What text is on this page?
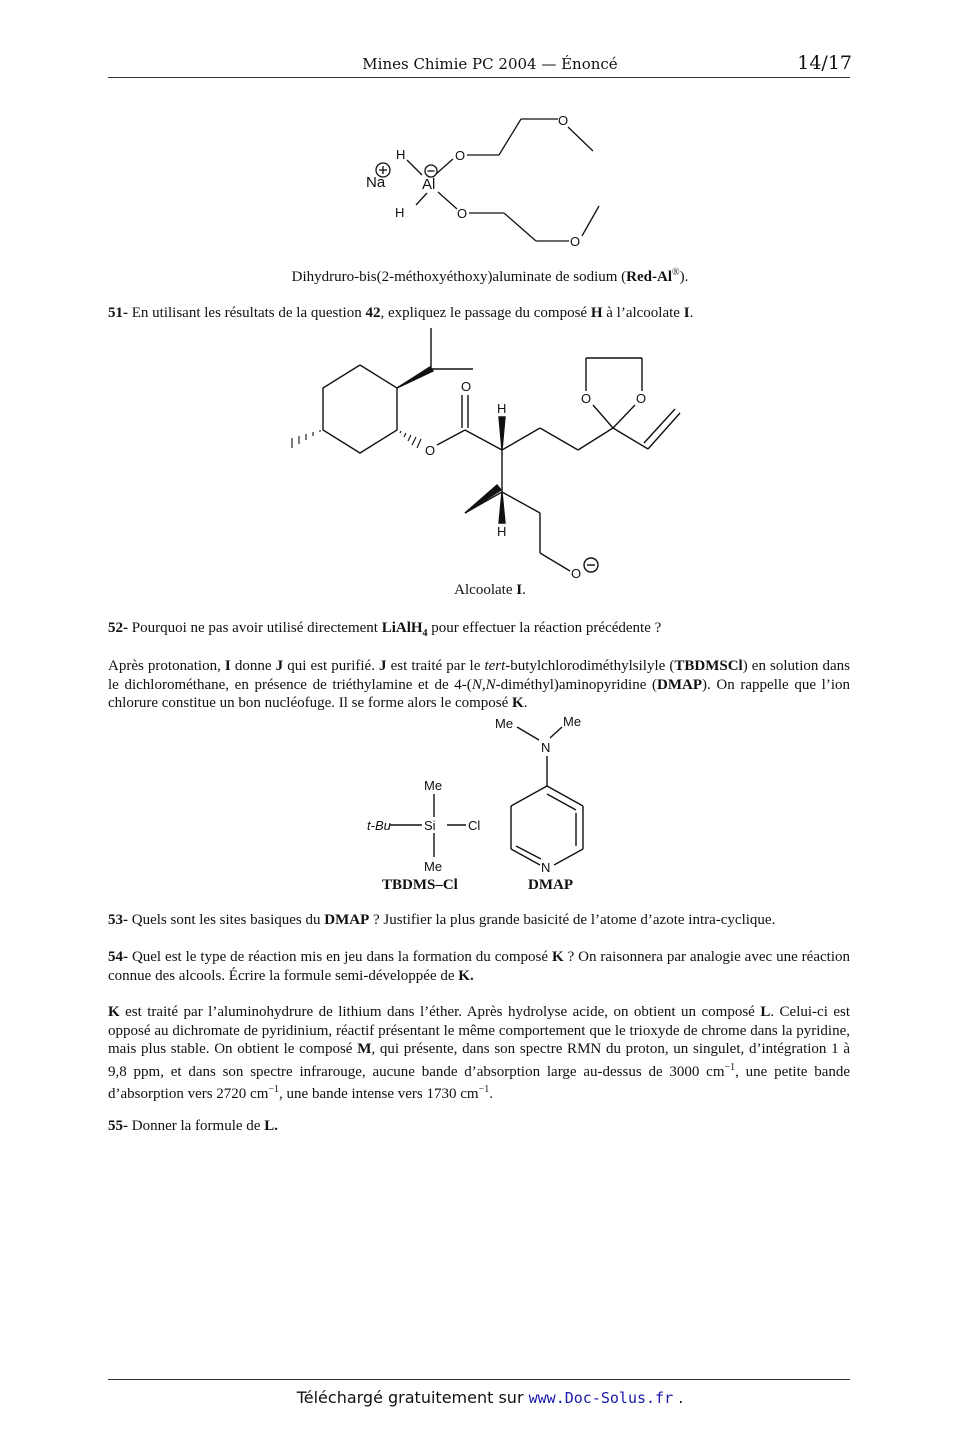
Mines Chimie PC 2004 — Énoncé	14/17
Na Al
H
H
O
O
O
O
Dihydruro-bis(2-méthoxyéthoxy)aluminate de sodium (Red-Al®).
51- En utilisant les résultats de la question 42, expliquez le passage du composé H à l’alcoolate I.
O
O
H
H
O	O
O
Alcoolate I.
52- Pourquoi ne pas avoir utilisé directement LiAlH$_4$ pour effectuer la réaction précédente ?
Après protonation, I donne J qui est purifié. J est traité par le tert-butylchlorodiméthylsilyle (TBDMSCl) en solution dans le dichlorométhane, en présence de triéthylamine et de 4-(N,N-diméthyl)aminopyridine (DMAP). On rappelle que l’ion chlorure constitue un bon nucléofuge. Il se forme alors le composé K.
Me
Si
t-Bu	Cl
Me
TBDMS–Cl
Me	Me
N
N
DMAP
53- Quels sont les sites basiques du DMAP ? Justifier la plus grande basicité de l’atome d’azote intra-cyclique.
54- Quel est le type de réaction mis en jeu dans la formation du composé K ? On raisonnera par analogie avec une réaction connue des alcools. Écrire la formule semi-développée de K.
K est traité par l’aluminohydrure de lithium dans l’éther. Après hydrolyse acide, on obtient un composé L. Celui-ci est opposé au dichromate de pyridinium, réactif présentant le même comportement que le trioxyde de chrome dans la pyridine, mais plus stable. On obtient le composé M, qui présente, dans son spectre RMN du proton, un singulet, d’intégration 1 à 9,8 ppm, et dans son spectre infrarouge, aucune bande d’absorption large au-dessus de 3000 $cm^{-1}$, une petite bande d’absorption vers 2720 $cm^{-1}$, une bande intense vers 1730 $cm^{-1}$.
55- Donner la formule de L.
Téléchargé gratuitement sur www.Doc-Solus.fr .
